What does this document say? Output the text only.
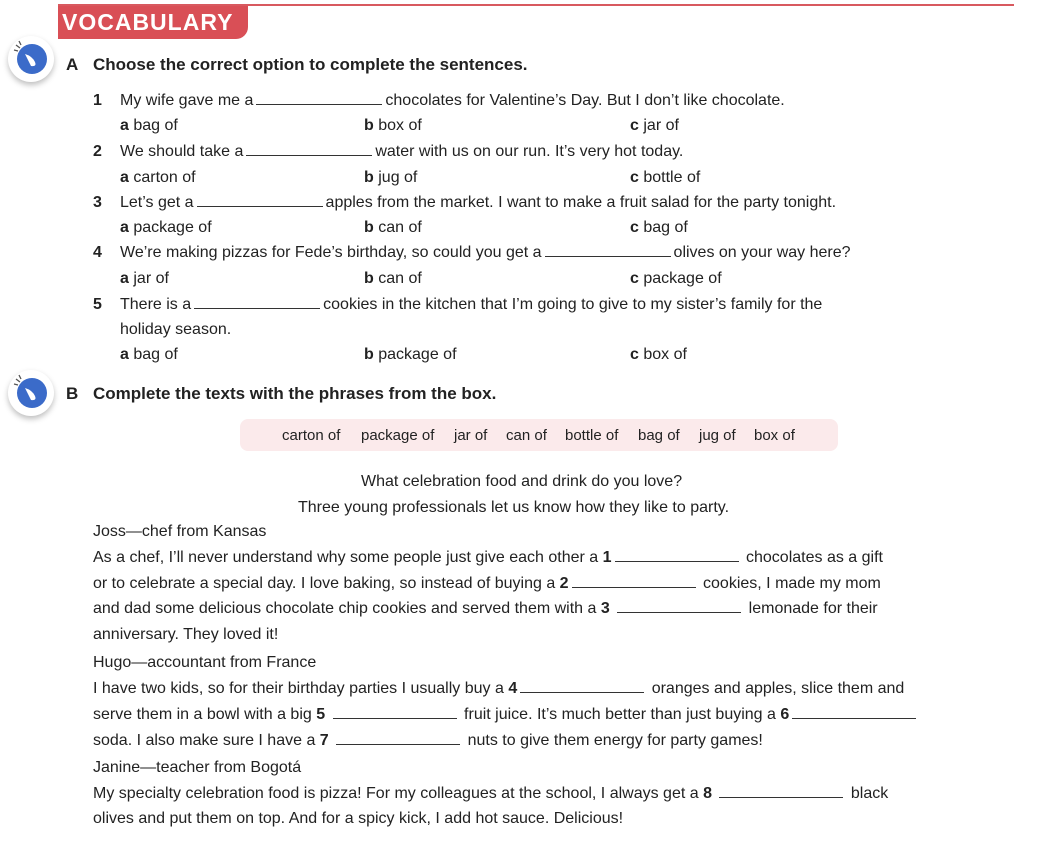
VOCABULARY
A Choose the correct option to complete the sentences.
1 My wife gave me a	chocolates for Valentine’s Day. But I don’t like chocolate.
a bag of	b box of	c jar of
2 We should take a	water with us on our run. It’s very hot today.
a carton of	b jug of	c bottle of
3 Let’s get a	apples from the market. I want to make a fruit salad for the party tonight.
a package of	b can of	c bag of
4 We’re making pizzas for Fede’s birthday, so could you get a	olives on your way here?
a jar of	b can of	c package of
5 There is a	cookies in the kitchen that I’m going to give to my sister’s family for the
holiday season.
a bag of	b package of	c box of
B Complete the texts with the phrases from the box.
carton of package of jar of can of bottle of bag of jug of box of
What celebration food and drink do you love?
Three young professionals let us know how they like to party.
Joss—chef from Kansas
As a chef, I’ll never understand why some people just give each other a 1	chocolates as a gift
or to celebrate a special day. I love baking, so instead of buying a 2	cookies, I made my mom
and dad some delicious chocolate chip cookies and served them with a 3	lemonade for their
anniversary. They loved it!
Hugo—accountant from France
I have two kids, so for their birthday parties I usually buy a 4	oranges and apples, slice them and
serve them in a bowl with a big 5	fruit juice. It’s much better than just buying a 6
soda. I also make sure I have a 7	nuts to give them energy for party games!
Janine—teacher from Bogotá
My specialty celebration food is pizza! For my colleagues at the school, I always get a 8	black
olives and put them on top. And for a spicy kick, I add hot sauce. Delicious!
